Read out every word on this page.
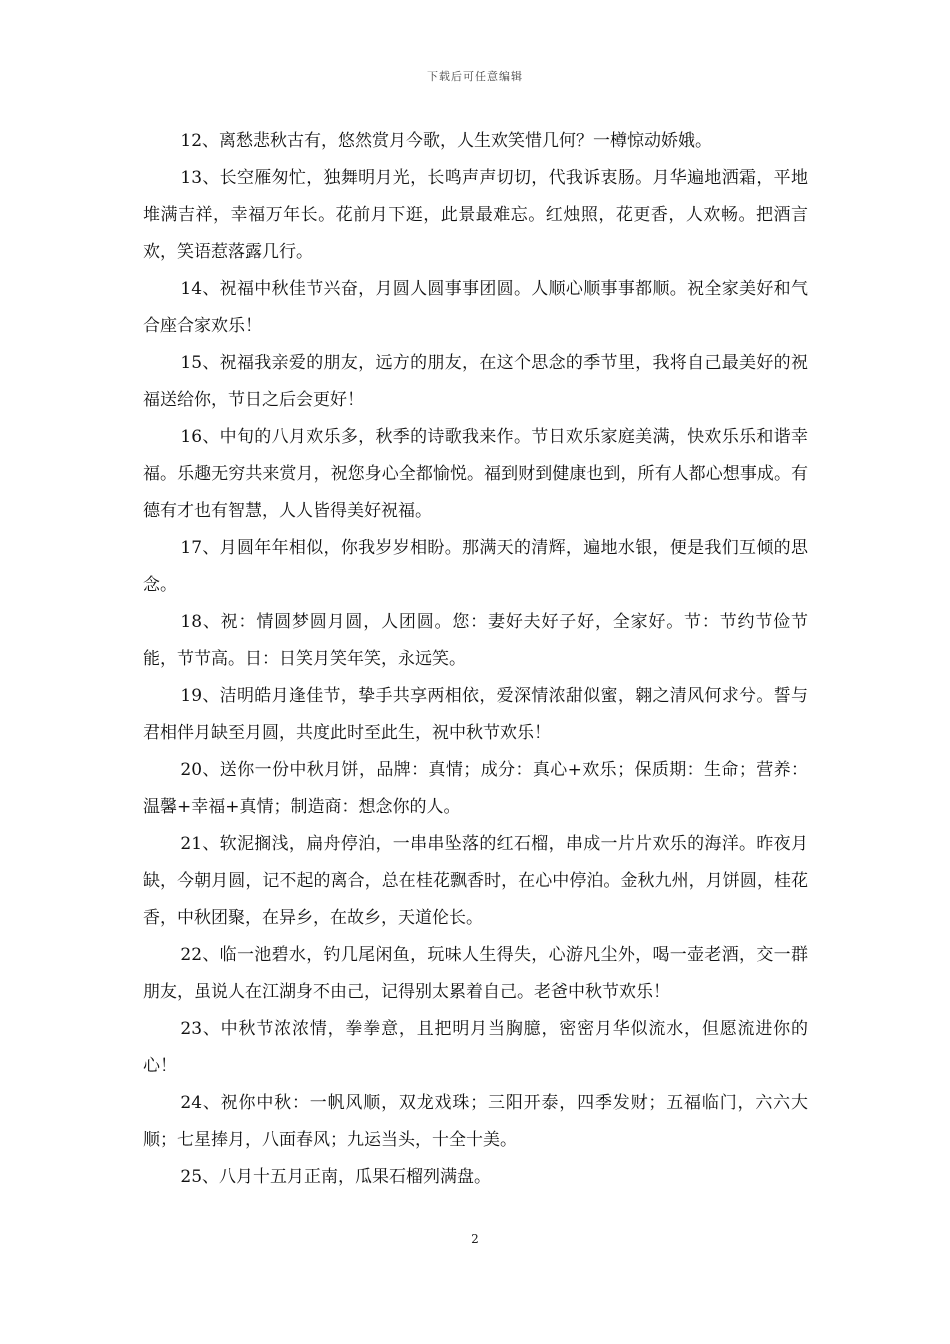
下载后可任意编辑

12、离愁悲秋古有，悠然赏月今歌，人生欢笑惜几何？一樽惊动娇娥。

13、长空雁匆忙，独舞明月光，长鸣声声切切，代我诉衷肠。月华遍地洒霜，平地堆满吉祥，幸福万年长。花前月下逛，此景最难忘。红烛照，花更香，人欢畅。把酒言欢，笑语惹落露几行。

14、祝福中秋佳节兴奋，月圆人圆事事团圆。人顺心顺事事都顺。祝全家美好和气合座合家欢乐！

15、祝福我亲爱的朋友，远方的朋友，在这个思念的季节里，我将自己最美好的祝福送给你，节日之后会更好！

16、中旬的八月欢乐多，秋季的诗歌我来作。节日欢乐家庭美满，快欢乐乐和谐幸福。乐趣无穷共来赏月，祝您身心全都愉悦。福到财到健康也到，所有人都心想事成。有德有才也有智慧，人人皆得美好祝福。

17、月圆年年相似，你我岁岁相盼。那满天的清辉，遍地水银，便是我们互倾的思念。

18、祝：情圆梦圆月圆，人团圆。您：妻好夫好子好，全家好。节：节约节俭节能，节节高。日：日笑月笑年笑，永远笑。

19、洁明皓月逢佳节，挚手共享两相依，爱深情浓甜似蜜，翱之清风何求兮。誓与君相伴月缺至月圆，共度此时至此生，祝中秋节欢乐！

20、送你一份中秋月饼，品牌：真情；成分：真心+欢乐；保质期：生命；营养：温馨+幸福+真情；制造商：想念你的人。

21、软泥搁浅，扁舟停泊，一串串坠落的红石榴，串成一片片欢乐的海洋。昨夜月缺，今朝月圆，记不起的离合，总在桂花飘香时，在心中停泊。金秋九州，月饼圆，桂花香，中秋团聚，在异乡，在故乡，天道伦长。

22、临一池碧水，钓几尾闲鱼，玩味人生得失，心游凡尘外，喝一壶老酒，交一群朋友，虽说人在江湖身不由己，记得别太累着自己。老爸中秋节欢乐！

23、中秋节浓浓情，拳拳意，且把明月当胸臆，密密月华似流水，但愿流进你的心！

24、祝你中秋：一帆风顺，双龙戏珠；三阳开泰，四季发财；五福临门，六六大顺；七星捧月，八面春风；九运当头，十全十美。

25、八月十五月正南，瓜果石榴列满盘。

2
